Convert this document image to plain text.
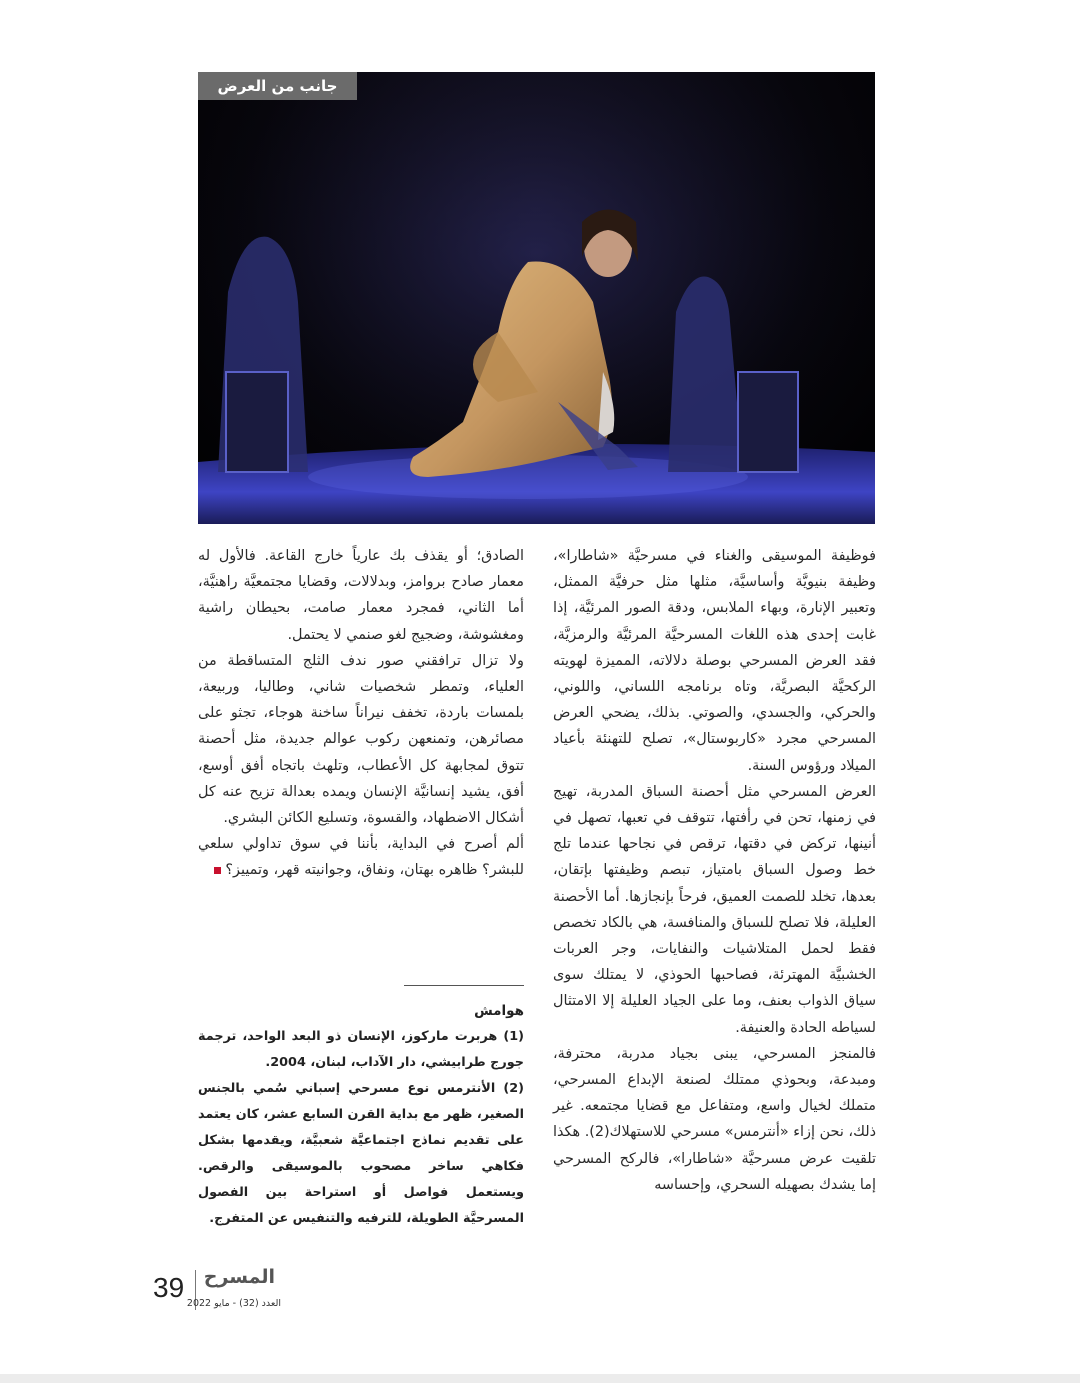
جانب من العرض

فوظيفة الموسيقى والغناء في مسرحيَّة «شاطارا»، وظيفة بنيويَّة وأساسيَّة، مثلها مثل حرفيَّة الممثل، وتعبير الإنارة، وبهاء الملابس، ودقة الصور المرئيَّة، إذا غابت إحدى هذه اللغات المسرحيَّة المرئيَّة والرمزيَّة، فقد العرض المسرحي بوصلة دلالاته، المميزة لهويته الركحيَّة البصريَّة، وتاه برنامجه اللساني، واللوني، والحركي، والجسدي، والصوتي. بذلك، يضحي العرض المسرحي مجرد «كاربوستال»، تصلح للتهنئة بأعياد الميلاد ورؤوس السنة.

العرض المسرحي مثل أحصنة السباق المدربة، تهيج في زمنها، تحن في رأفتها، تتوقف في تعبها، تصهل في أنينها، تركض في دقتها، ترقص في نجاحها عندما تلج خط وصول السباق بامتياز، تبصم وظيفتها بإتقان، بعدها، تخلد للصمت العميق، فرحاً بإنجازها. أما الأحصنة العليلة، فلا تصلح للسباق والمنافسة، هي بالكاد تخصص فقط لحمل المتلاشيات والنفايات، وجر العربات الخشبيَّة المهترئة، فصاحبها الحوذي، لا يمتلك سوى سياق الذواب بعنف، وما على الجياد العليلة إلا الامتثال لسياطه الحادة والعنيفة.

فالمنجز المسرحي، يبنى بجياد مدربة، محترفة، ومبدعة، وبحوذي ممتلك لصنعة الإبداع المسرحي، متملك لخيال واسع، ومتفاعل مع قضايا مجتمعه. غير ذلك، نحن إزاء «أنترمس» مسرحي للاستهلاك(2). هكذا تلقيت عرض مسرحيَّة «شاطارا»، فالركح المسرحي إما يشدك بصهيله السحري، وإحساسه

الصادق؛ أو يقذف بك عارياً خارج القاعة. فالأول له معمار صادح بروامز، وبدلالات، وقضايا مجتمعيَّة راهنيَّة، أما الثاني، فمجرد معمار صامت، بحيطان راشية ومغشوشة، وضجيج لغو صنمي لا يحتمل.

ولا تزال ترافقني صور ندف الثلج المتساقطة من العلياء، وتمطر شخصيات شاني، وطاليا، وربيعة، بلمسات باردة، تخفف نيراناً ساخنة هوجاء، تجثو على مصائرهن، وتمنعهن ركوب عوالم جديدة، مثل أحصنة تتوق لمجابهة كل الأعطاب، وتلهث باتجاه أفق أوسع، أفق، يشيد إنسانيَّة الإنسان ويمده بعدالة تزيح عنه كل أشكال الاضطهاد، والقسوة، وتسليع الكائن البشري.

ألم أصرح في البداية، بأننا في سوق تداولي سلعي للبشر؟ ظاهره بهتان، ونفاق، وجوانيته قهر، وتمييز؟

هوامش

(1) هربرت ماركوز، الإنسان ذو البعد الواحد، ترجمة جورج طرابيشي، دار الآداب، لبنان، 2004.

(2) الأنترمس نوع مسرحي إسباني سُمي بالجنس الصغير، ظهر مع بداية القرن السابع عشر، كان يعتمد على تقديم نماذج اجتماعيَّة شعبيَّة، ويقدمها بشكل فكاهي ساخر مصحوب بالموسيقى والرقص. ويستعمل فواصل أو استراحة بين الفصول المسرحيَّة الطويلة، للترفيه والتنفيس عن المتفرج.

39 المسرح
العدد (32) - مايو 2022
